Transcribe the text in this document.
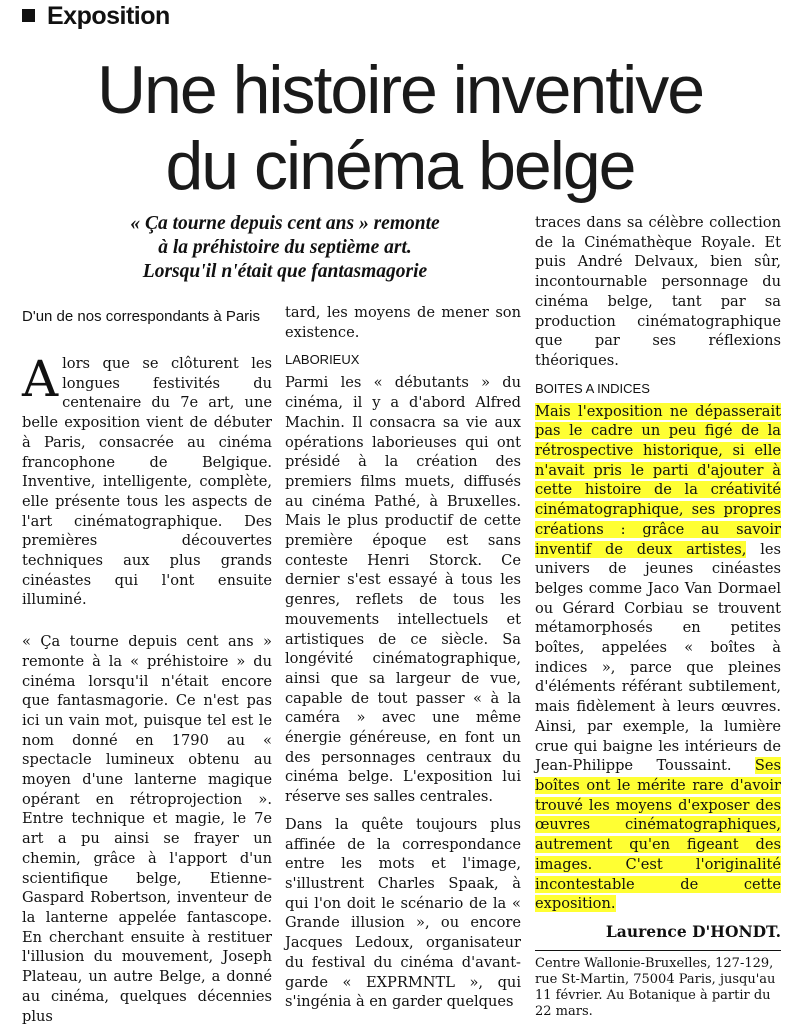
Exposition
Une histoire inventive
du cinéma belge
« Ça tourne depuis cent ans » remonte
à la préhistoire du septième art.
Lorsqu'il n'était que fantasmagorie

D'un de nos correspondants à Paris

Alors que se clôturent les longues festivités du centenaire du 7e art, une belle exposition vient de débuter à Paris, consacrée au cinéma francophone de Belgique. Inventive, intelligente, complète, elle présente tous les aspects de l'art cinématographique. Des premières découvertes techniques aux plus grands cinéastes qui l'ont ensuite illuminé.

« Ça tourne depuis cent ans » remonte à la « préhistoire » du cinéma lorsqu'il n'était encore que fantasmagorie. Ce n'est pas ici un vain mot, puisque tel est le nom donné en 1790 au « spectacle lumineux obtenu au moyen d'une lanterne magique opérant en rétroprojection ». Entre technique et magie, le 7e art a pu ainsi se frayer un chemin, grâce à l'apport d'un scientifique belge, Etienne-Gaspard Robertson, inventeur de la lanterne appelée fantascope. En cherchant ensuite à restituer l'illusion du mouvement, Joseph Plateau, un autre Belge, a donné au cinéma, quelques décennies plus

tard, les moyens de mener son existence.

LABORIEUX

Parmi les « débutants » du cinéma, il y a d'abord Alfred Machin. Il consacra sa vie aux opérations laborieuses qui ont présidé à la création des premiers films muets, diffusés au cinéma Pathé, à Bruxelles. Mais le plus productif de cette première époque est sans conteste Henri Storck. Ce dernier s'est essayé à tous les genres, reflets de tous les mouvements intellectuels et artistiques de ce siècle. Sa longévité cinématographique, ainsi que sa largeur de vue, capable de tout passer « à la caméra » avec une même énergie généreuse, en font un des personnages centraux du cinéma belge. L'exposition lui réserve ses salles centrales.

Dans la quête toujours plus affinée de la correspondance entre les mots et l'image, s'illustrent Charles Spaak, à qui l'on doit le scénario de la « Grande illusion », ou encore Jacques Ledoux, organisateur du festival du cinéma d'avant-garde « EXPRMNTL », qui s'ingénia à en garder quelques

traces dans sa célèbre collection de la Cinémathèque Royale. Et puis André Delvaux, bien sûr, incontournable personnage du cinéma belge, tant par sa production cinématographique que par ses réflexions théoriques.

BOITES A INDICES

Mais l'exposition ne dépasserait pas le cadre un peu figé de la rétrospective historique, si elle n'avait pris le parti d'ajouter à cette histoire de la créativité cinématographique, ses propres créations : grâce au savoir inventif de deux artistes, les univers de jeunes cinéastes belges comme Jaco Van Dormael ou Gérard Corbiau se trouvent métamorphosés en petites boîtes, appelées « boîtes à indices », parce que pleines d'éléments référant subtilement, mais fidèlement à leurs œuvres. Ainsi, par exemple, la lumière crue qui baigne les intérieurs de Jean-Philippe Toussaint. Ses boîtes ont le mérite rare d'avoir trouvé les moyens d'exposer des œuvres cinématographiques, autrement qu'en figeant des images. C'est l'originalité incontestable de cette exposition.

Laurence D'HONDT.

Centre Wallonie-Bruxelles, 127-129, rue St-Martin, 75004 Paris, jusqu'au 11 février. Au Botanique à partir du 22 mars.
